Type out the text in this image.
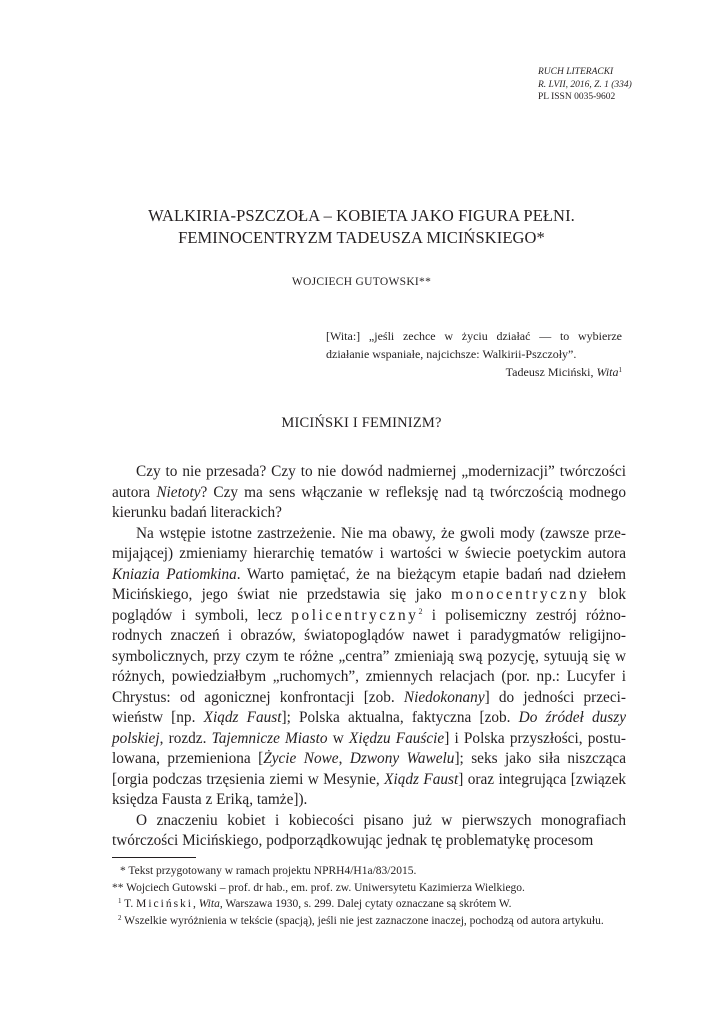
RUCH LITERACKI
R. LVII, 2016, Z. 1 (334)
PL ISSN 0035-9602
WALKIRIA-PSZCZOŁA – KOBIETA JAKO FIGURA PEŁNI.
FEMINOCENTRYZM TADEUSZA MICIŃSKIEGO*
WOJCIECH GUTOWSKI**
[Wita:] „jeśli zechce w życiu działać — to wybierze działanie wspaniałe, najcichsze: Walkirii-Pszczoły”.
Tadeusz Miciński, Wita$^1$
MICIŃSKI I FEMINIZM?

Czy to nie przesada? Czy to nie dowód nadmiernej „modernizacji” twórczości autora Nietoty? Czy ma sens włączanie w refleksję nad tą twórczością modnego kierunku badań literackich?

Na wstępie istotne zastrzeżenie. Nie ma obawy, że gwoli mody (zawsze przemijającej) zmieniamy hierarchię tematów i wartości w świecie poetyckim autora Kniazia Patiomkina. Warto pamiętać, że na bieżącym etapie badań nad dziełem Micińskiego, jego świat nie przedstawia się jako monocentryczny blok poglądów i symboli, lecz policentryczny$^2$ i polisemiczny zestrój różnorodnych znaczeń i obrazów, światopoglądów nawet i paradygmatów religijno-symbolicznych, przy czym te różne „centra” zmieniają swą pozycję, sytuują się w różnych, powiedziałbym „ruchomych”, zmiennych relacjach (por. np.: Lucyfer i Chrystus: od agonicznej konfrontacji [zob. Niedokonany] do jedności przeciwieństw [np. Xiądz Faust]; Polska aktualna, faktyczna [zob. Do źródeł duszy polskiej, rozdz. Tajemnicze Miasto w Xiędzu Fauście] i Polska przyszłości, postulowana, przemieniona [Życie Nowe, Dzwony Wawelu]; seks jako siła niszcząca [orgia podczas trzęsienia ziemi w Mesynie, Xiądz Faust] oraz integrująca [związek księdza Fausta z Eriką, tamże]).

O znaczeniu kobiet i kobiecości pisano już w pierwszych monografiach twórczości Micińskiego, podporządkowując jednak tę problematykę procesom

* Tekst przygotowany w ramach projektu NPRH4/H1a/83/2015.

** Wojciech Gutowski – prof. dr hab., em. prof. zw. Uniwersytetu Kazimierza Wielkiego.

$^1$ T. Miciński, Wita, Warszawa 1930, s. 299. Dalej cytaty oznaczane są skrótem W.

$^2$ Wszelkie wyróżnienia w tekście (spacją), jeśli nie jest zaznaczone inaczej, pochodzą od autora artykułu.
